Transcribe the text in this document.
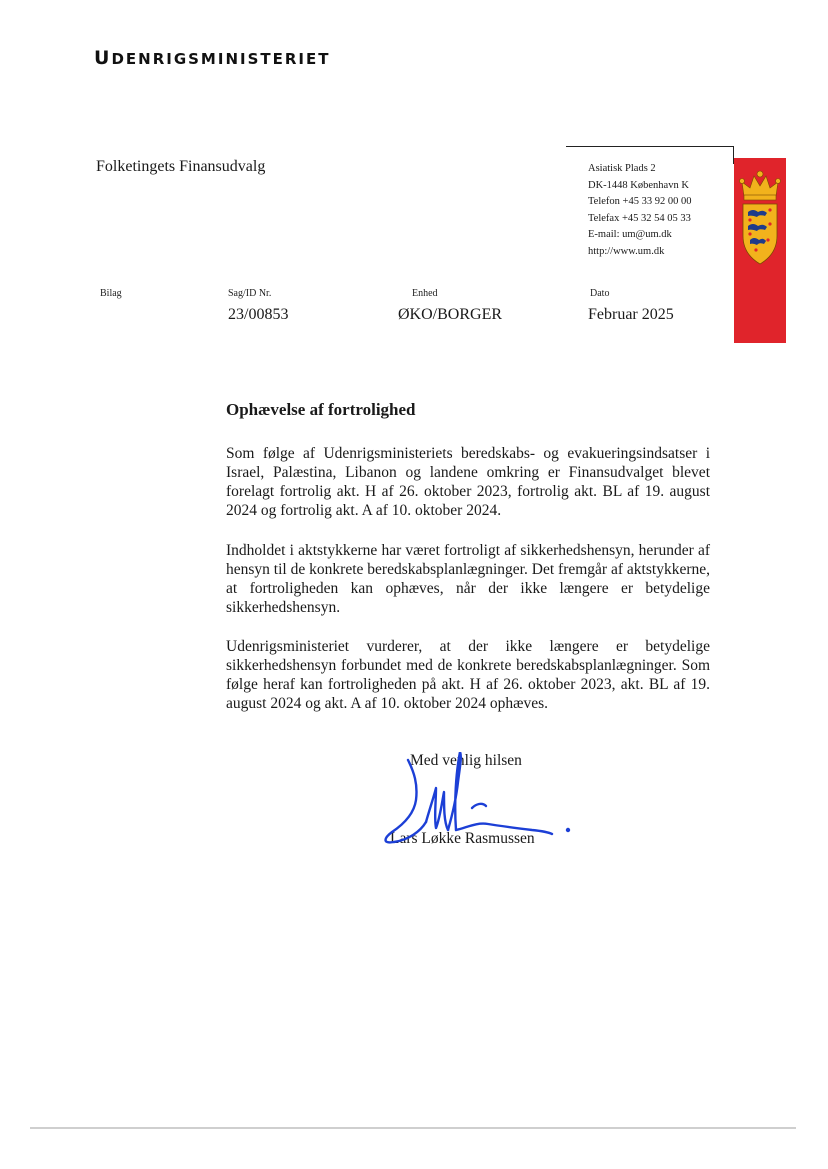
UDENRIGSMINISTERIET
Folketingets Finansudvalg	Asiatisk Plads 2
DK-1448 København K
Telefon +45 33 92 00 00
Telefax +45 32 54 05 33
E-mail: um@um.dk
http://www.um.dk
Bilag	Sag/ID Nr.
23/00853
Enhed
ØKO/BORGER
Dato
Februar 2025
Ophævelse af fortrolighed

Som følge af Udenrigsministeriets beredskabs- og evakueringsindsatser i Israel, Palæstina, Libanon og landene omkring er Finansudvalget blevet forelagt fortrolig akt. H af 26. oktober 2023, fortrolig akt. BL af 19. august 2024 og fortrolig akt. A af 10. oktober 2024.

Indholdet i aktstykkerne har været fortroligt af sikkerhedshensyn, herunder af hensyn til de konkrete beredskabsplanlægninger. Det fremgår af aktstykkerne, at fortroligheden kan ophæves, når der ikke længere er betydelige sikkerhedshensyn.

Udenrigsministeriet vurderer, at der ikke længere er betydelige sikkerhedshensyn forbundet med de konkrete beredskabsplanlægninger. Som følge heraf kan fortroligheden på akt. H af 26. oktober 2023, akt. BL af 19. august 2024 og akt. A af 10. oktober 2024 ophæves.

Med venlig hilsen
Lars Løkke Rasmussen
